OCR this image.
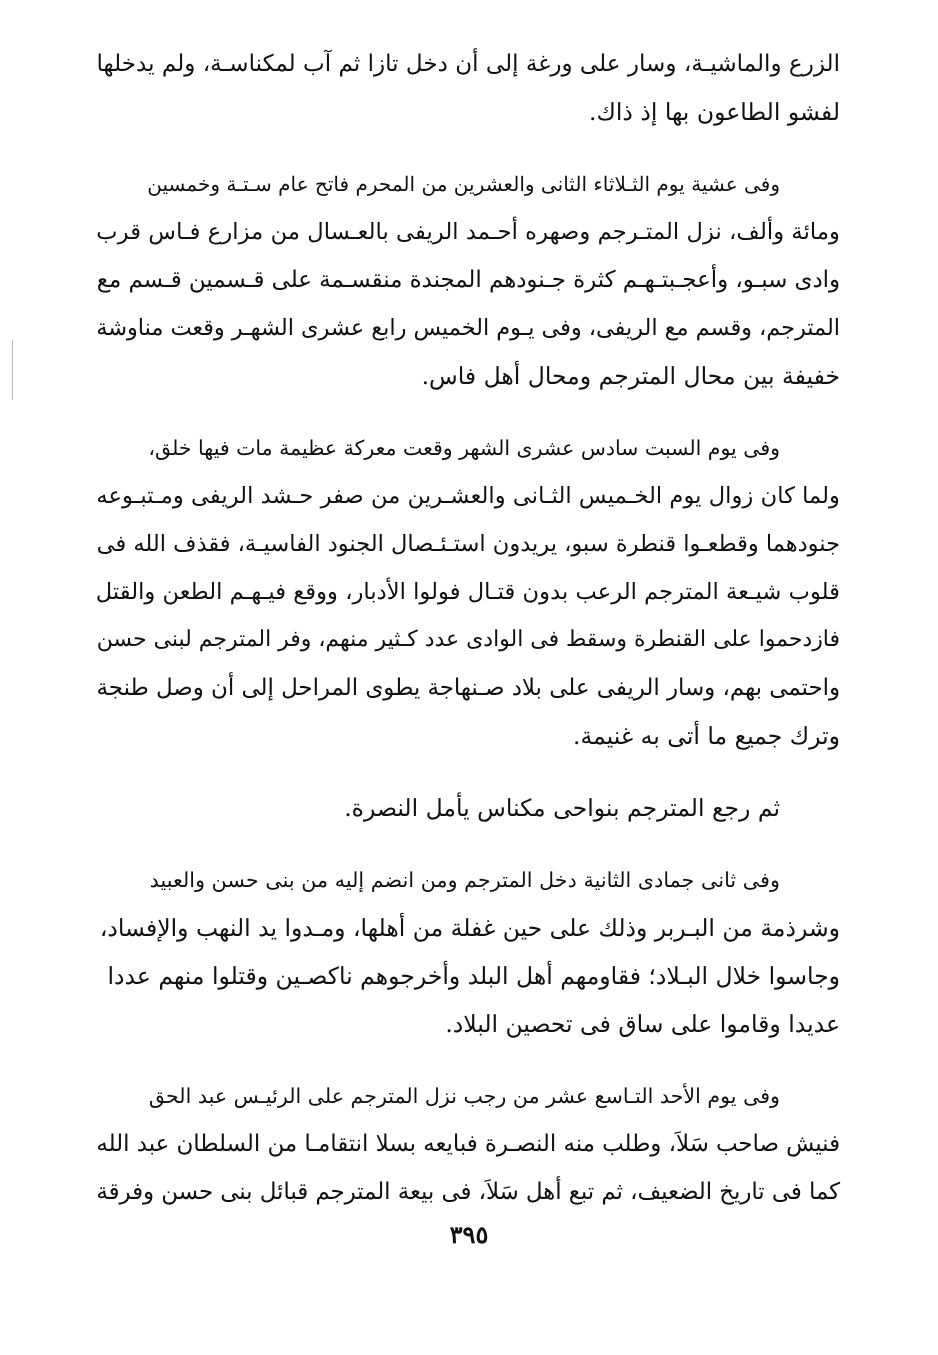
الزرع والماشيـة، وسار على ورغة إلى أن دخل تازا ثم آب لمكناسـة، ولم يدخلها
لفشو الطاعون بها إذ ذاك.
وفى عشية يوم الثـلاثاء الثانى والعشرين من المحرم فاتح عام سـتـة وخمسين
ومائة وألف، نزل المتـرجم وصهره أحـمد الريفى بالعـسال من مزارع فـاس قرب
وادى سبـو، وأعجـبتـهـم كثرة جـنودهم المجندة منقسـمة على قـسمين قـسم مع
المترجم، وقسم مع الريفى، وفى يـوم الخميس رابع عشرى الشهـر وقعت مناوشة
خفيفة بين محال المترجم ومحال أهل فاس.
وفى يوم السبت سادس عشرى الشهر وقعت معركة عظيمة مات فيها خلق،
ولما كان زوال يوم الخـميس الثـانى والعشـرين من صفر حـشد الريفى ومـتبـوعه
جنودهما وقطعـوا قنطرة سبو، يريدون استـئـصال الجنود الفاسيـة، فقذف الله فى
قلوب شيـعة المترجم الرعب بدون قتـال فولوا الأدبار، ووقع فيـهـم الطعن والقتل
فازدحموا على القنطرة وسقط فى الوادى عدد كـثير منهم، وفر المترجم لبنى حسن
واحتمى بهم، وسار الريفى على بلاد صـنهاجة يطوى المراحل إلى أن وصل طنجة
وترك جميع ما أتى به غنيمة.
ثم رجع المترجم بنواحى مكناس يأمل النصرة.
وفى ثانى جمادى الثانية دخل المترجم ومن انضم إليه من بنى حسن والعبيد
وشرذمة من البـربر وذلك على حين غفلة من أهلها، ومـدوا يد النهب والإفساد،
وجاسوا خلال البـلاد؛ فقاومهم أهل البلد وأخرجوهم ناكصـين وقتلوا منهم عددا
عديدا وقاموا على ساق فى تحصين البلاد.
وفى يوم الأحد التـاسع عشر من رجب نزل المترجم على الرئيـس عبد الحق
فنيش صاحب سَلاَ، وطلب منه النصـرة فبايعه بسلا انتقامـا من السلطان عبد الله
كما فى تاريخ الضعيف، ثم تبع أهل سَلاَ، فى بيعة المترجم قبائل بنى حسن وفرقة
٣٩٥
